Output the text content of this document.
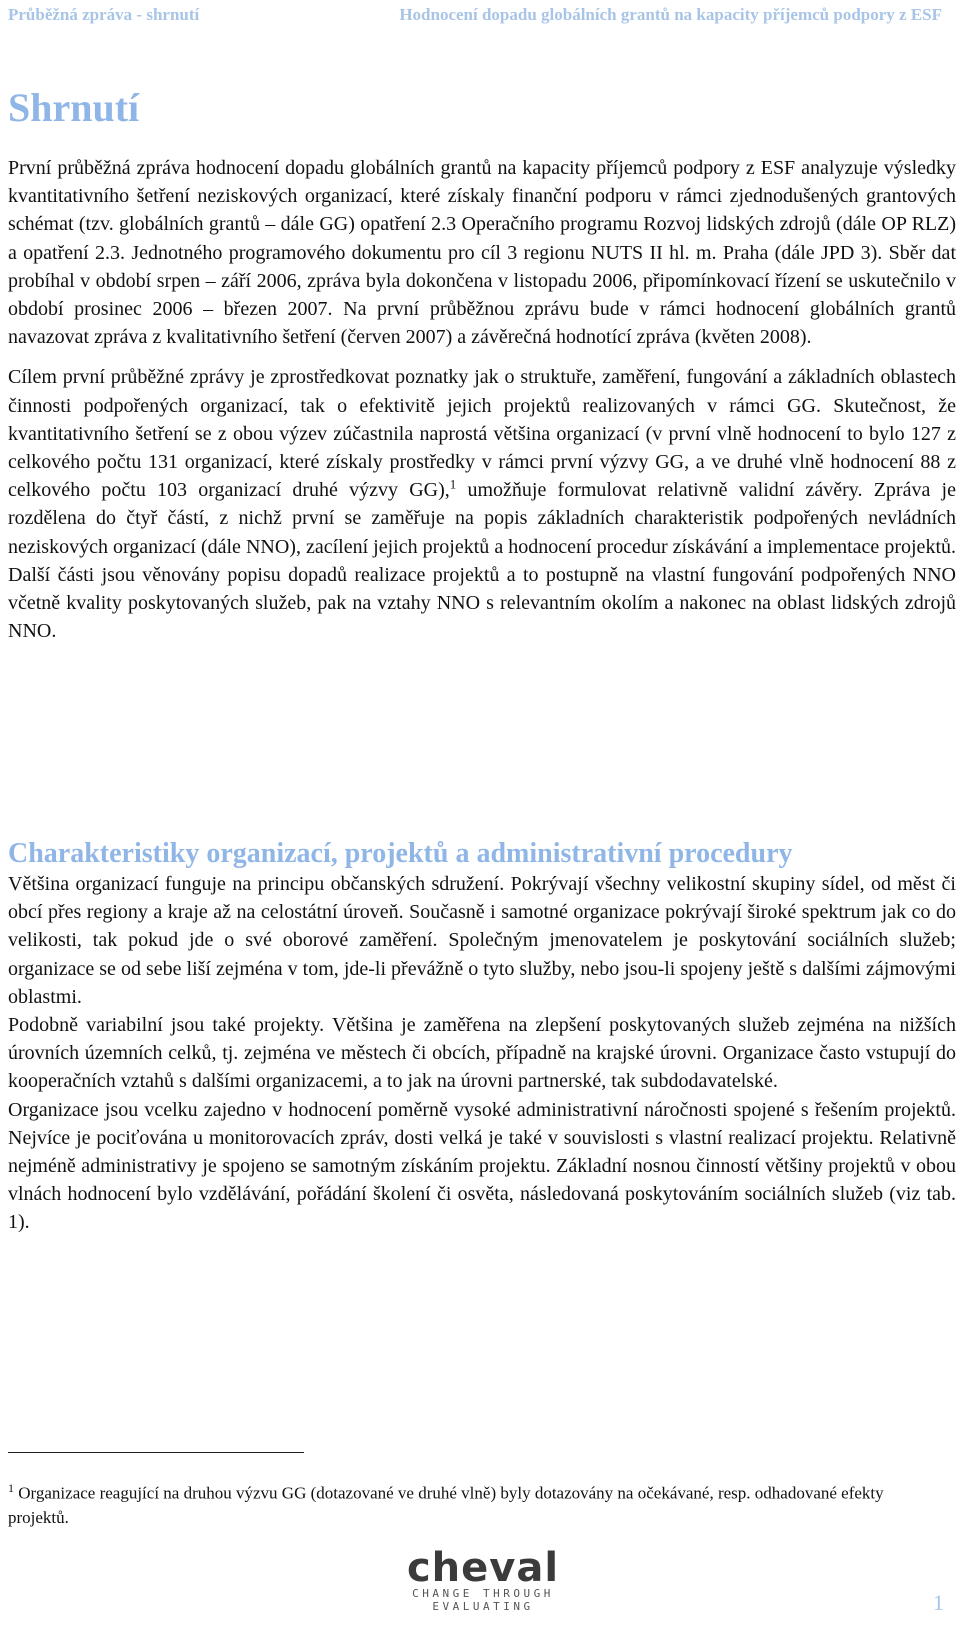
Průběžná zpráva - shrnutí	Hodnocení dopadu globálních grantů na kapacity příjemců podpory z ESF
Shrnutí

První průběžná zpráva hodnocení dopadu globálních grantů na kapacity příjemců podpory z ESF analyzuje výsledky kvantitativního šetření neziskových organizací, které získaly finanční podporu v rámci zjednodušených grantových schémat (tzv. globálních grantů – dále GG) opatření 2.3 Operačního programu Rozvoj lidských zdrojů (dále OP RLZ) a opatření 2.3. Jednotného programového dokumentu pro cíl 3 regionu NUTS II hl. m. Praha (dále JPD 3). Sběr dat probíhal v období srpen – září 2006, zpráva byla dokončena v listopadu 2006, připomínkovací řízení se uskutečnilo v období prosinec 2006 – březen 2007. Na první průběžnou zprávu bude v rámci hodnocení globálních grantů navazovat zpráva z kvalitativního šetření (červen 2007) a závěrečná hodnotící zpráva (květen 2008).

Cílem první průběžné zprávy je zprostředkovat poznatky jak o struktuře, zaměření, fungování a základních oblastech činnosti podpořených organizací, tak o efektivitě jejich projektů realizovaných v rámci GG. Skutečnost, že kvantitativního šetření se z obou výzev zúčastnila naprostá většina organizací (v první vlně hodnocení to bylo 127 z celkového počtu 131 organizací, které získaly prostředky v rámci první výzvy GG, a ve druhé vlně hodnocení 88 z celkového počtu 103 organizací druhé výzvy GG),$^1$ umožňuje formulovat relativně validní závěry. Zpráva je rozdělena do čtyř částí, z nichž první se zaměřuje na popis základních charakteristik podpořených nevládních neziskových organizací (dále NNO), zacílení jejich projektů a hodnocení procedur získávání a implementace projektů. Další části jsou věnovány popisu dopadů realizace projektů a to postupně na vlastní fungování podpořených NNO včetně kvality poskytovaných služeb, pak na vztahy NNO s relevantním okolím a nakonec na oblast lidských zdrojů NNO.

Charakteristiky organizací, projektů a administrativní procedury

Většina organizací funguje na principu občanských sdružení. Pokrývají všechny velikostní skupiny sídel, od měst či obcí přes regiony a kraje až na celostátní úroveň. Současně i samotné organizace pokrývají široké spektrum jak co do velikosti, tak pokud jde o své oborové zaměření. Společným jmenovatelem je poskytování sociálních služeb; organizace se od sebe liší zejména v tom, jde-li převážně o tyto služby, nebo jsou-li spojeny ještě s dalšími zájmovými oblastmi.

Podobně variabilní jsou také projekty. Většina je zaměřena na zlepšení poskytovaných služeb zejména na nižších úrovních územních celků, tj. zejména ve městech či obcích, případně na krajské úrovni. Organizace často vstupují do kooperačních vztahů s dalšími organizacemi, a to jak na úrovni partnerské, tak subdodavatelské.

Organizace jsou vcelku zajedno v hodnocení poměrně vysoké administrativní náročnosti spojené s řešením projektů. Nejvíce je pociťována u monitorovacích zpráv, dosti velká je také v souvislosti s vlastní realizací projektu. Relativně nejméně administrativy je spojeno se samotným získáním projektu. Základní nosnou činností většiny projektů v obou vlnách hodnocení bylo vzdělávání, pořádání školení či osvěta, následovaná poskytováním sociálních služeb (viz tab. 1).

$^1$ Organizace reagující na druhou výzvu GG (dotazované ve druhé vlně) byly dotazovány na očekávané, resp. odhadované efekty projektů.
cheval
CHANGE THROUGH EVALUATING	1
